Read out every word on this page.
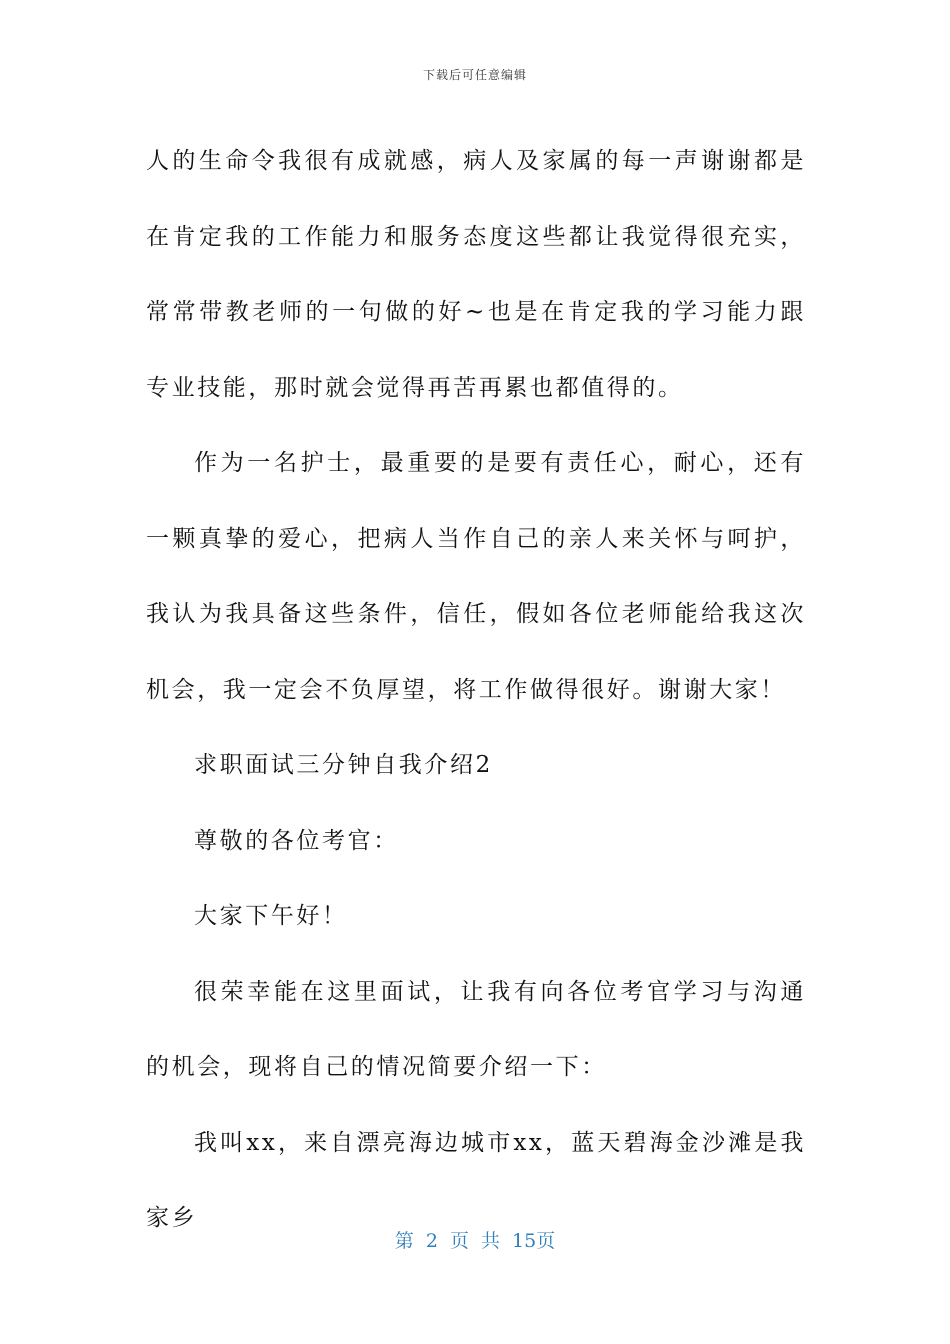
下载后可任意编辑

人的生命令我很有成就感，病人及家属的每一声谢谢都是在肯定我的工作能力和服务态度这些都让我觉得很充实，常常带教老师的一句做的好~也是在肯定我的学习能力跟专业技能，那时就会觉得再苦再累也都值得的。

作为一名护士，最重要的是要有责任心，耐心，还有一颗真挚的爱心，把病人当作自己的亲人来关怀与呵护，我认为我具备这些条件，信任，假如各位老师能给我这次机会，我一定会不负厚望，将工作做得很好。谢谢大家！

求职面试三分钟自我介绍2

尊敬的各位考官：

大家下午好！

很荣幸能在这里面试，让我有向各位考官学习与沟通的机会，现将自己的情况简要介绍一下：

我叫xx，来自漂亮海边城市xx，蓝天碧海金沙滩是我家乡

第 2 页 共 15页
